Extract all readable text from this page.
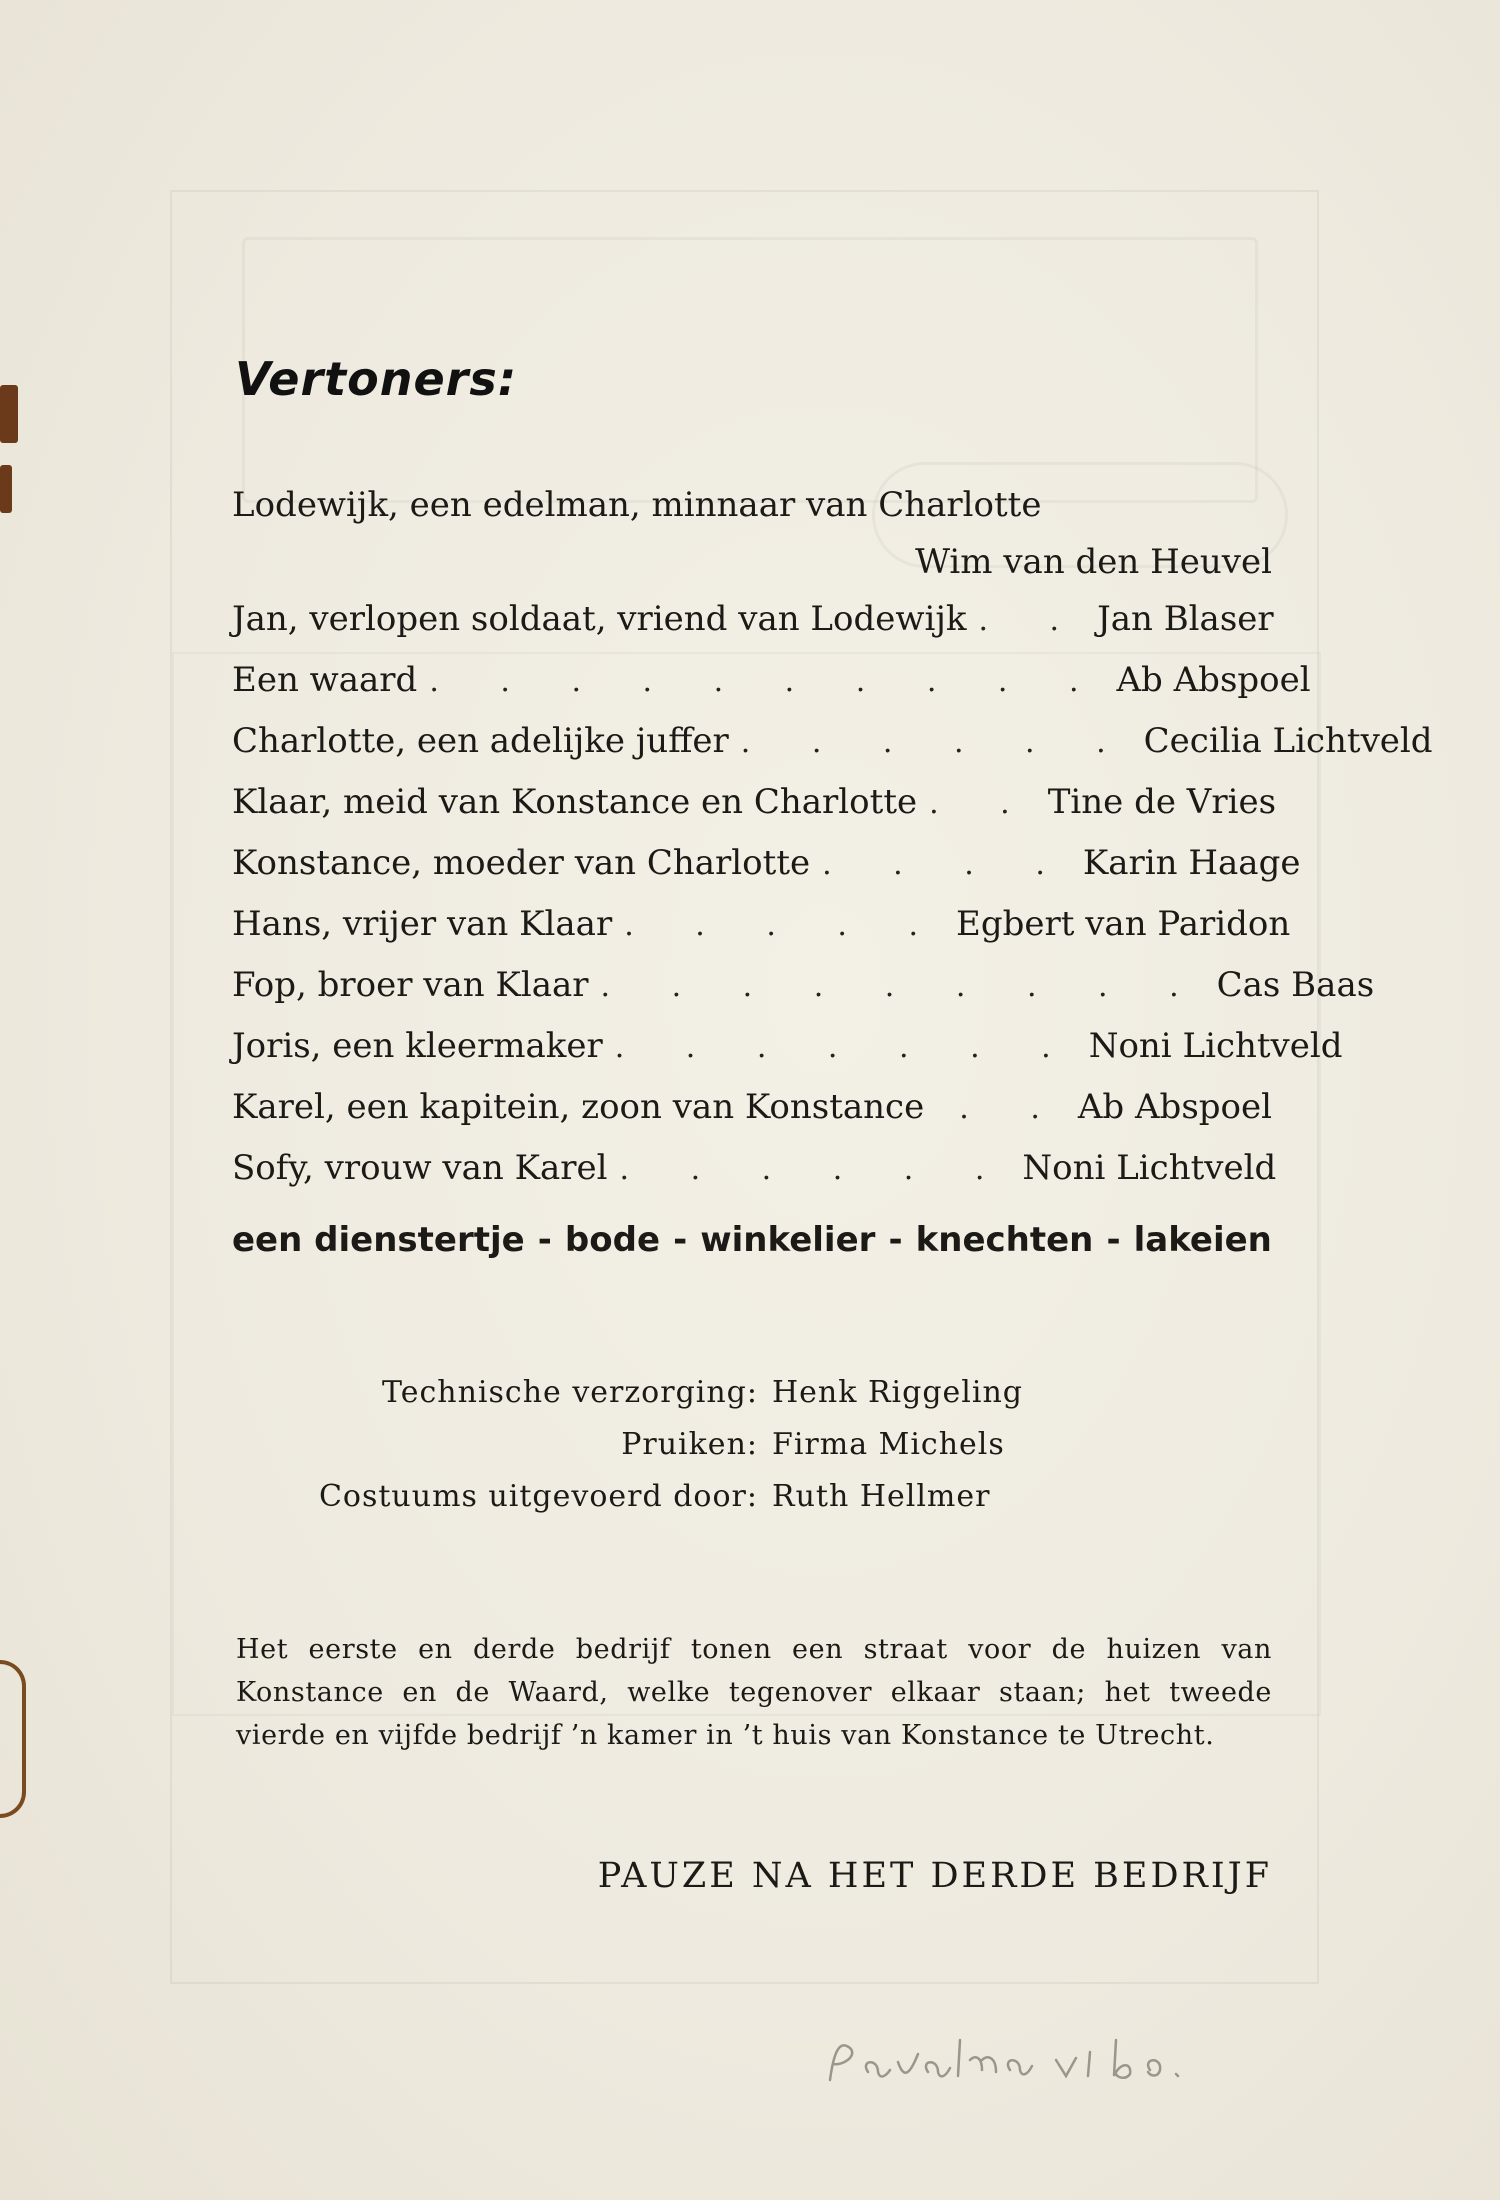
Vertoners:
Lodewijk, een edelman, minnaar van Charlotte
Wim van den Heuvel
Jan, verlopen soldaat, vriend van Lodewijk . . Jan Blaser
Een waard . . . . . . . . . . Ab Abspoel
Charlotte, een adelijke juffer . . . . . . Cecilia Lichtveld
Klaar, meid van Konstance en Charlotte . . Tine de Vries
Konstance, moeder van Charlotte . . . . Karin Haage
Hans, vrijer van Klaar . . . . . Egbert van Paridon
Fop, broer van Klaar . . . . . . . . . Cas Baas
Joris, een kleermaker . . . . . . . Noni Lichtveld
Karel, een kapitein, zoon van Konstance	. . Ab Abspoel
Sofy, vrouw van Karel . . . . . . Noni Lichtveld
een dienstertje - bode - winkelier - knechten - lakeien
Technische verzorging: Henk Riggeling
Pruiken: Firma Michels
Costuums uitgevoerd door: Ruth Hellmer
Het eerste en derde bedrijf tonen een straat voor de huizen van Konstance en de Waard, welke tegenover elkaar staan; het tweede vierde en vijfde bedrijf ’n kamer in ’t huis van Konstance te Utrecht.
PAUZE NA HET DERDE BEDRIJF
